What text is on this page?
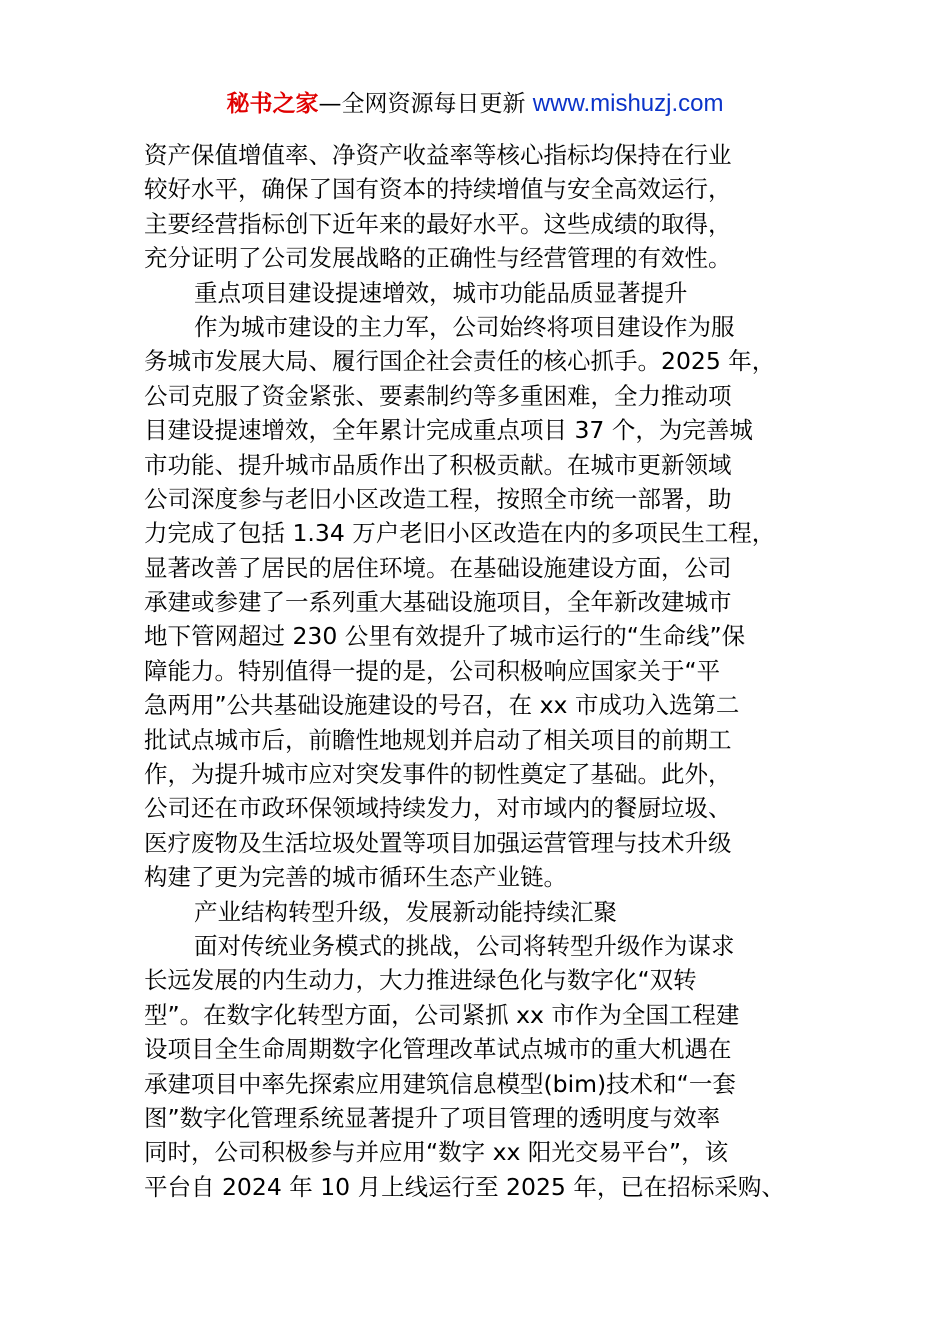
秘书之家—全网资源每日更新 www.mishuzj.com
资产保值增值率、净资产收益率等核心指标均保持在行业
较好水平，确保了国有资本的持续增值与安全高效运行，
主要经营指标创下近年来的最好水平。这些成绩的取得，
充分证明了公司发展战略的正确性与经营管理的有效性。
重点项目建设提速增效，城市功能品质显著提升
作为城市建设的主力军，公司始终将项目建设作为服
务城市发展大局、履行国企社会责任的核心抓手。2025 年，
公司克服了资金紧张、要素制约等多重困难，全力推动项
目建设提速增效，全年累计完成重点项目 37 个，为完善城
市功能、提升城市品质作出了积极贡献。在城市更新领域
公司深度参与老旧小区改造工程，按照全市统一部署，助
力完成了包括 1.34 万户老旧小区改造在内的多项民生工程，
显著改善了居民的居住环境。在基础设施建设方面，公司
承建或参建了一系列重大基础设施项目，全年新改建城市
地下管网超过 230 公里有效提升了城市运行的“生命线”保
障能力。特别值得一提的是，公司积极响应国家关于“平
急两用”公共基础设施建设的号召，在 xx 市成功入选第二
批试点城市后，前瞻性地规划并启动了相关项目的前期工
作，为提升城市应对突发事件的韧性奠定了基础。此外，
公司还在市政环保领域持续发力，对市域内的餐厨垃圾、
医疗废物及生活垃圾处置等项目加强运营管理与技术升级
构建了更为完善的城市循环生态产业链。
产业结构转型升级，发展新动能持续汇聚
面对传统业务模式的挑战，公司将转型升级作为谋求
长远发展的内生动力，大力推进绿色化与数字化“双转
型”。在数字化转型方面，公司紧抓 xx 市作为全国工程建
设项目全生命周期数字化管理改革试点城市的重大机遇在
承建项目中率先探索应用建筑信息模型(bim)技术和“一套
图”数字化管理系统显著提升了项目管理的透明度与效率
同时，公司积极参与并应用“数字 xx 阳光交易平台”，该
平台自 2024 年 10 月上线运行至 2025 年，已在招标采购、
